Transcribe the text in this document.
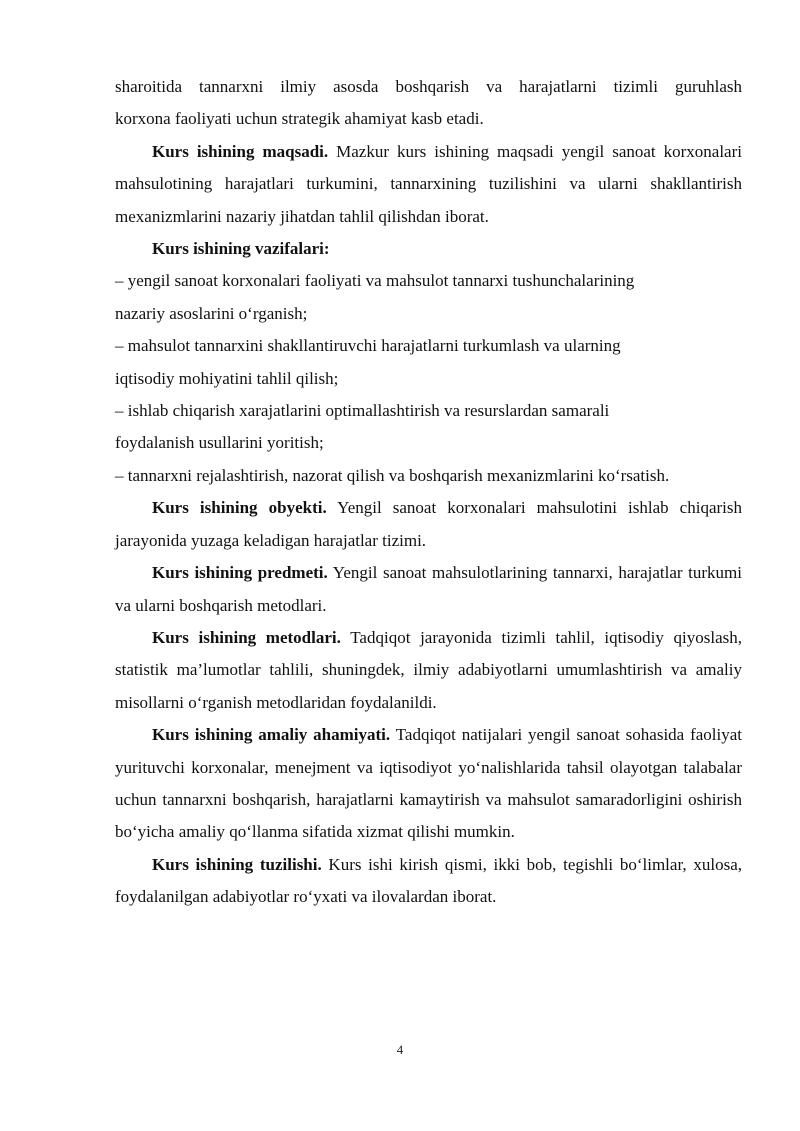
sharoitida tannarxni ilmiy asosda boshqarish va harajatlarni tizimli guruhlash
korxona faoliyati uchun strategik ahamiyat kasb etadi.

Kurs ishining maqsadi. Mazkur kurs ishining maqsadi yengil sanoat korxonalari mahsulotining harajatlari turkumini, tannarxining tuzilishini va ularni shakllantirish mexanizmlarini nazariy jihatdan tahlil qilishdan iborat.

Kurs ishining vazifalari:

– yengil sanoat korxonalari faoliyati va mahsulot tannarxi tushunchalarining
nazariy asoslarini o‘rganish;

– mahsulot tannarxini shakllantiruvchi harajatlarni turkumlash va ularning
iqtisodiy mohiyatini tahlil qilish;

– ishlab chiqarish xarajatlarini optimallashtirish va resurslardan samarali
foydalanish usullarini yoritish;

– tannarxni rejalashtirish, nazorat qilish va boshqarish mexanizmlarini ko‘rsatish.

Kurs ishining obyekti. Yengil sanoat korxonalari mahsulotini ishlab chiqarish jarayonida yuzaga keladigan harajatlar tizimi.

Kurs ishining predmeti. Yengil sanoat mahsulotlarining tannarxi, harajatlar turkumi va ularni boshqarish metodlari.

Kurs ishining metodlari. Tadqiqot jarayonida tizimli tahlil, iqtisodiy qiyoslash, statistik ma’lumotlar tahlili, shuningdek, ilmiy adabiyotlarni umumlashtirish va amaliy misollarni o‘rganish metodlaridan foydalanildi.

Kurs ishining amaliy ahamiyati. Tadqiqot natijalari yengil sanoat sohasida faoliyat yurituvchi korxonalar, menejment va iqtisodiyot yo‘nalishlarida tahsil olayotgan talabalar uchun tannarxni boshqarish, harajatlarni kamaytirish va mahsulot samaradorligini oshirish bo‘yicha amaliy qo‘llanma sifatida xizmat qilishi mumkin.

Kurs ishining tuzilishi. Kurs ishi kirish qismi, ikki bob, tegishli bo‘limlar, xulosa, foydalanilgan adabiyotlar ro‘yxati va ilovalardan iborat.

4
